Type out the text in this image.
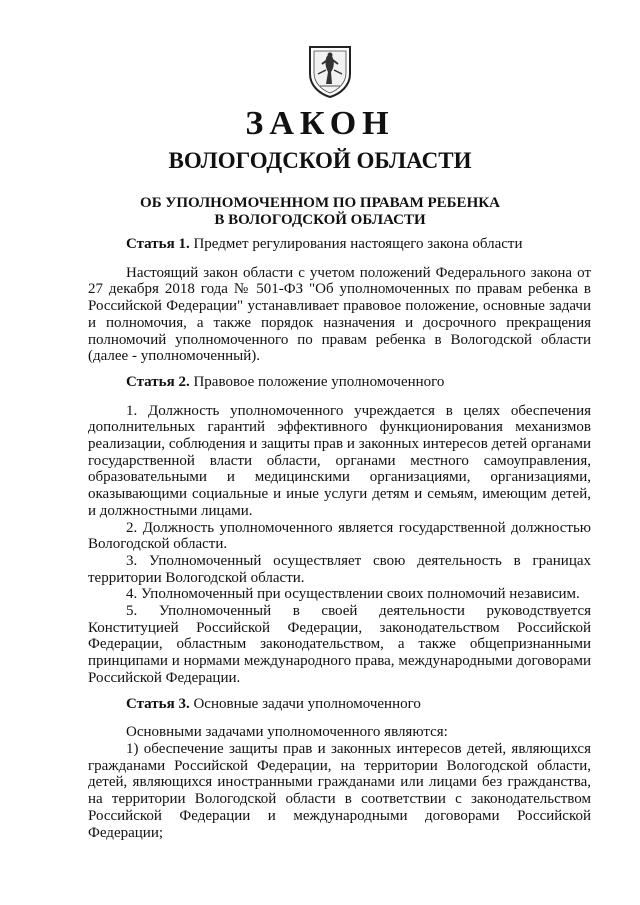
ЗАКОН
ВОЛОГОДСКОЙ ОБЛАСТИ
ОБ УПОЛНОМОЧЕННОМ ПО ПРАВАМ РЕБЕНКА
В ВОЛОГОДСКОЙ ОБЛАСТИ

Статья 1. Предмет регулирования настоящего закона области

Настоящий закон области с учетом положений Федерального закона от 27 декабря 2018 года № 501-ФЗ "Об уполномоченных по правам ребенка в Российской Федерации" устанавливает правовое положение, основные задачи и полномочия, а также порядок назначения и досрочного прекращения полномочий уполномоченного по правам ребенка в Вологодской области (далее - уполномоченный).

Статья 2. Правовое положение уполномоченного

1. Должность уполномоченного учреждается в целях обеспечения дополнительных гарантий эффективного функционирования механизмов реализации, соблюдения и защиты прав и законных интересов детей органами государственной власти области, органами местного самоуправления, образовательными и медицинскими организациями, организациями, оказывающими социальные и иные услуги детям и семьям, имеющим детей, и должностными лицами.

2. Должность уполномоченного является государственной должностью Вологодской области.

3. Уполномоченный осуществляет свою деятельность в границах территории Вологодской области.

4. Уполномоченный при осуществлении своих полномочий независим.

5. Уполномоченный в своей деятельности руководствуется Конституцией Российской Федерации, законодательством Российской Федерации, областным законодательством, а также общепризнанными принципами и нормами международного права, международными договорами Российской Федерации.

Статья 3. Основные задачи уполномоченного

Основными задачами уполномоченного являются:

1) обеспечение защиты прав и законных интересов детей, являющихся гражданами Российской Федерации, на территории Вологодской области, детей, являющихся иностранными гражданами или лицами без гражданства, на территории Вологодской области в соответствии с законодательством Российской Федерации и международными договорами Российской Федерации;
